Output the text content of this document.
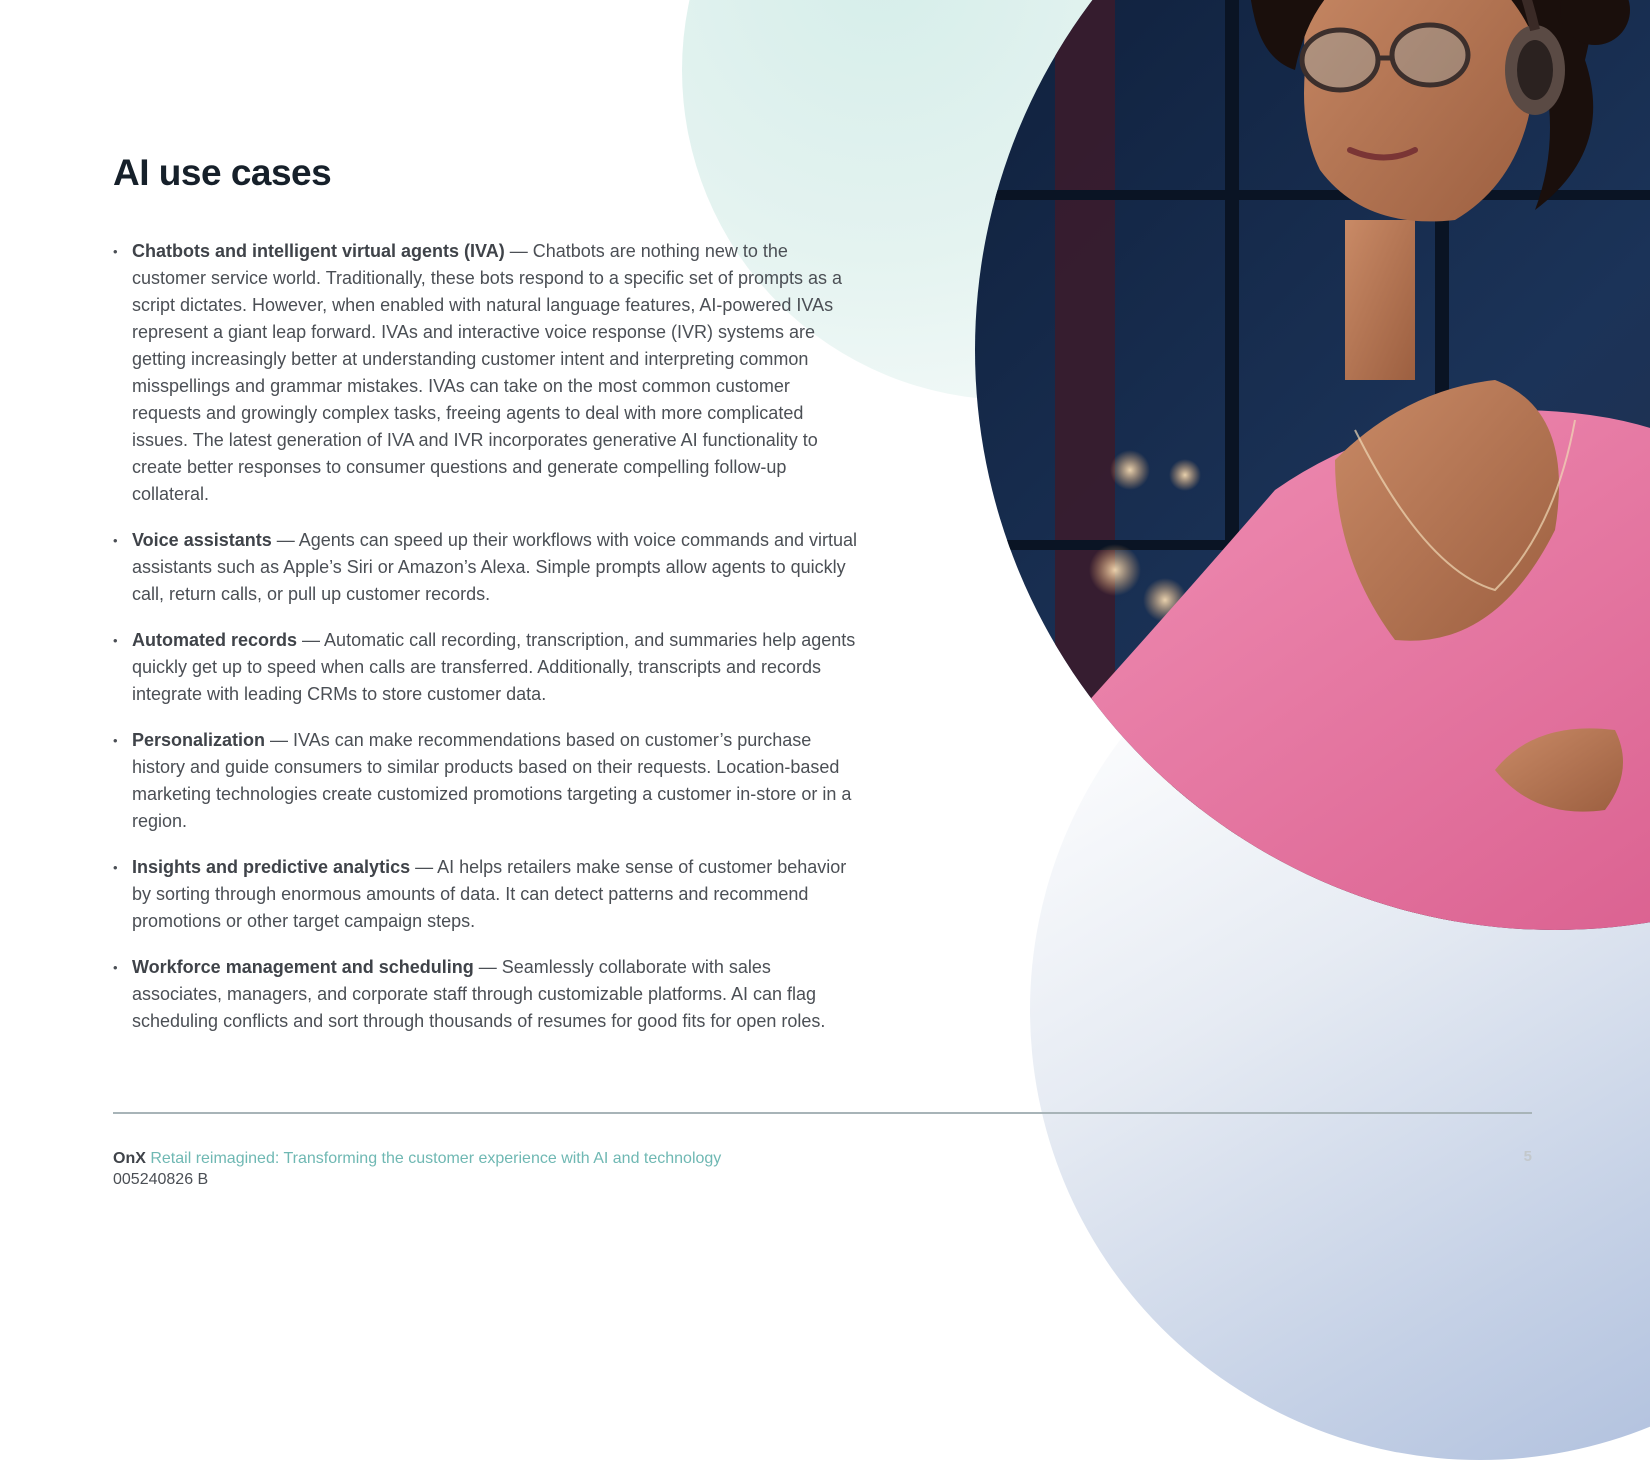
AI use cases
• Chatbots and intelligent virtual agents (IVA) — Chatbots are nothing new to the customer service world. Traditionally, these bots respond to a specific set of prompts as a script dictates. However, when enabled with natural language features, AI-powered IVAs represent a giant leap forward. IVAs and interactive voice response (IVR) systems are getting increasingly better at understanding customer intent and interpreting common misspellings and grammar mistakes. IVAs can take on the most common customer requests and growingly complex tasks, freeing agents to deal with more complicated issues. The latest generation of IVA and IVR incorporates generative AI functionality to create better responses to consumer questions and generate compelling follow-up collateral.
• Voice assistants — Agents can speed up their workflows with voice commands and virtual assistants such as Apple’s Siri or Amazon’s Alexa. Simple prompts allow agents to quickly call, return calls, or pull up customer records.
• Automated records — Automatic call recording, transcription, and summaries help agents quickly get up to speed when calls are transferred. Additionally, transcripts and records integrate with leading CRMs to store customer data.
• Personalization — IVAs can make recommendations based on customer’s purchase history and guide consumers to similar products based on their requests. Location-based marketing technologies create customized promotions targeting a customer in-store or in a region.
• Insights and predictive analytics — AI helps retailers make sense of customer behavior by sorting through enormous amounts of data. It can detect patterns and recommend promotions or other target campaign steps.
• Workforce management and scheduling — Seamlessly collaborate with sales associates, managers, and corporate staff through customizable platforms. AI can flag scheduling conflicts and sort through thousands of resumes for good fits for open roles.
OnX Retail reimagined: Transforming the customer experience with AI and technology
005240826 B
5
